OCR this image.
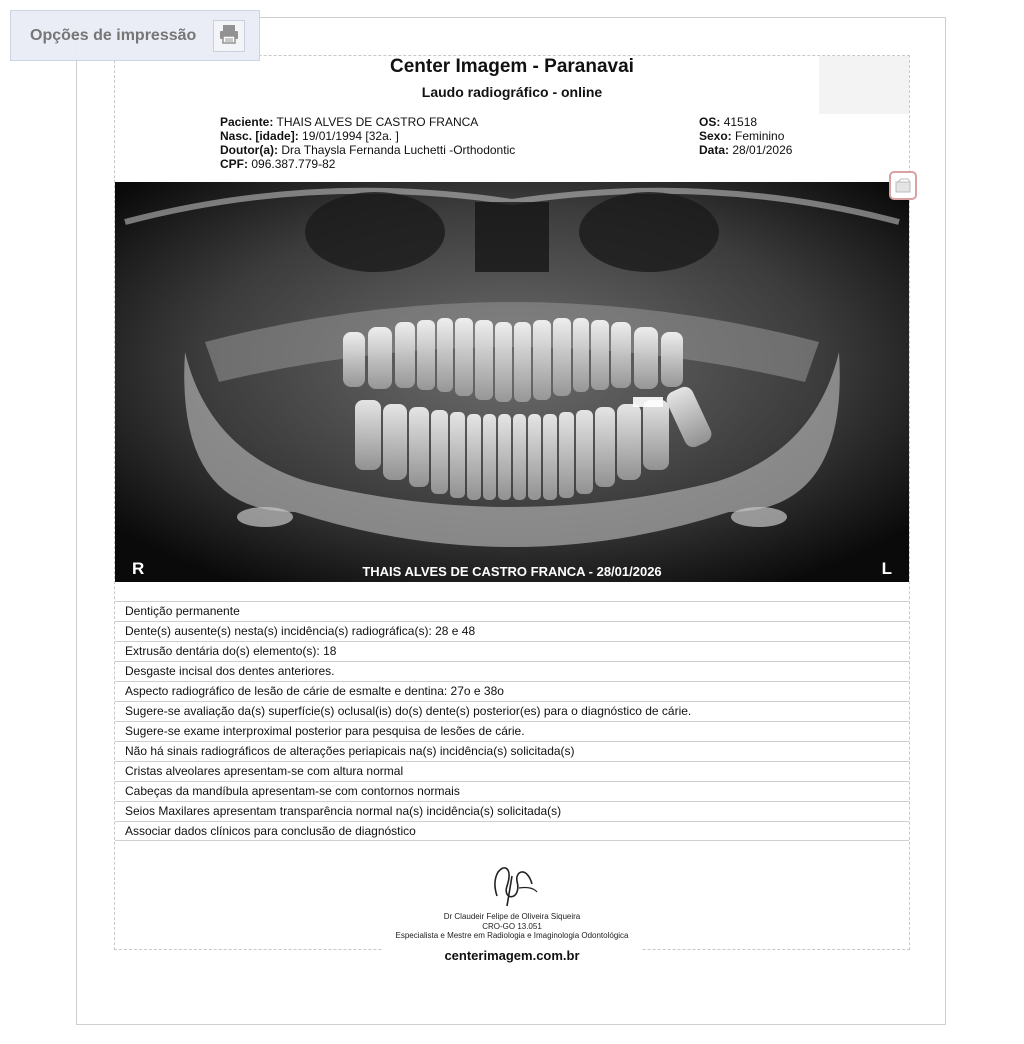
Opções de impressão
Center Imagem - Paranavai
Laudo radiográfico - online
Paciente: THAIS ALVES DE CASTRO FRANCA
Nasc. [idade]: 19/01/1994 [32a. ]
Doutor(a): Dra Thaysla Fernanda Luchetti -Orthodontic
CPF: 096.387.779-82
OS: 41518
Sexo: Feminino
Data: 28/01/2026
THAIS ALVES DE CASTRO FRANCA - 28/01/2026
R	L
Dentição permanente
Dente(s) ausente(s) nesta(s) incidência(s) radiográfica(s): 28 e 48
Extrusão dentária do(s) elemento(s): 18
Desgaste incisal dos dentes anteriores.
Aspecto radiográfico de lesão de cárie de esmalte e dentina: 27o e 38o
Sugere-se avaliação da(s) superfície(s) oclusal(is) do(s) dente(s) posterior(es) para o diagnóstico de cárie.
Sugere-se exame interproximal posterior para pesquisa de lesões de cárie.
Não há sinais radiográficos de alterações periapicais na(s) incidência(s) solicitada(s)
Cristas alveolares apresentam-se com altura normal
Cabeças da mandíbula apresentam-se com contornos normais
Seios Maxilares apresentam transparência normal na(s) incidência(s) solicitada(s)
Associar dados clínicos para conclusão de diagnóstico
Dr Claudeir Felipe de Oliveira Siqueira
CRO-GO 13.051
Especialista e Mestre em Radiologia e Imaginologia Odontológica
centerimagem.com.br
